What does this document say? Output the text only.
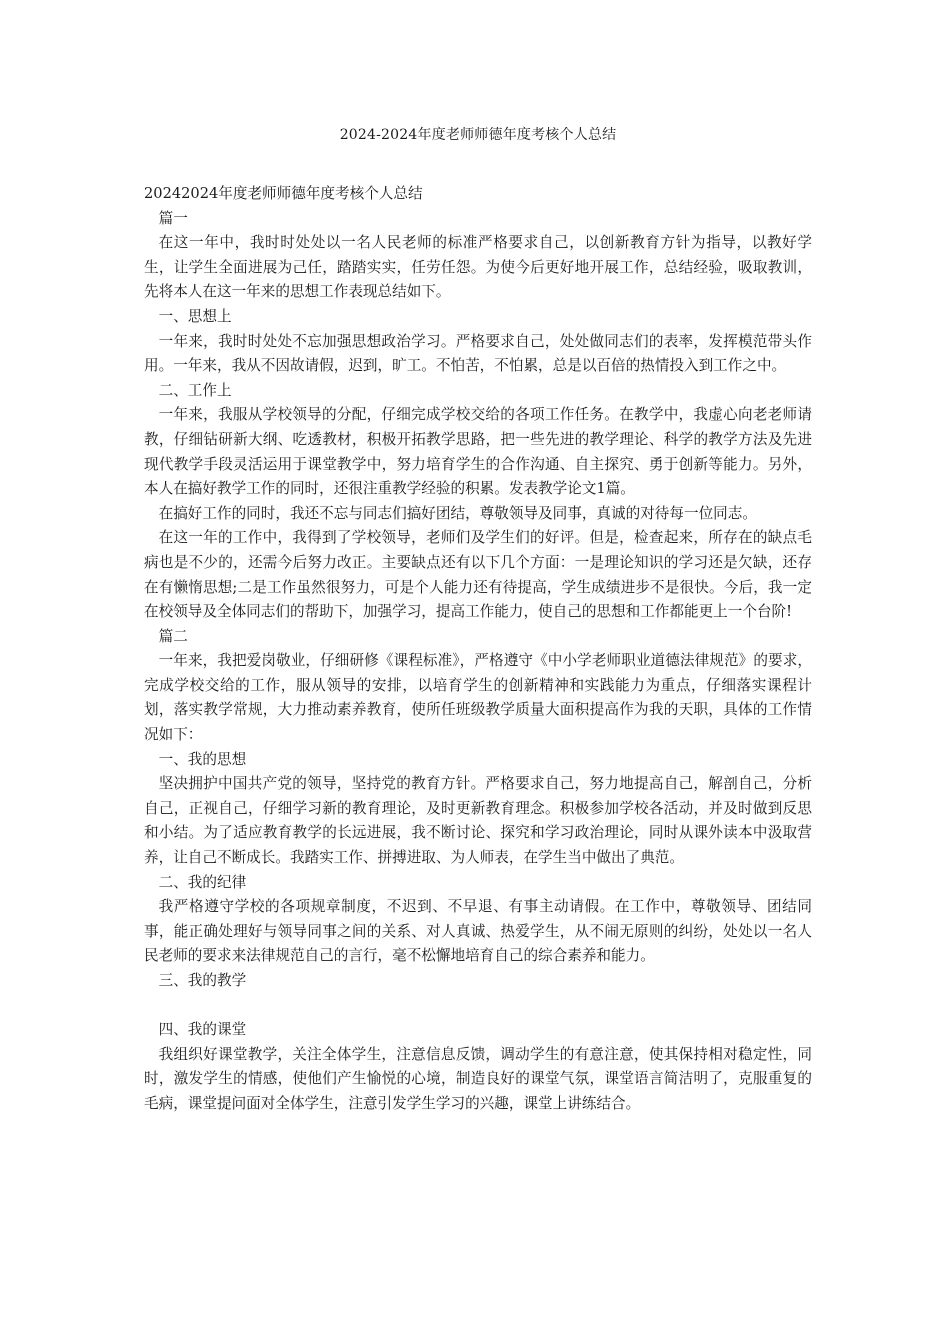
2024-2024年度老师师德年度考核个人总结

20242024年度老师师德年度考核个人总结

篇一

在这一年中，我时时处处以一名人民老师的标准严格要求自己，以创新教育方针为指导，以教好学生，让学生全面进展为己任，踏踏实实，任劳任怨。为使今后更好地开展工作，总结经验，吸取教训，先将本人在这一年来的思想工作表现总结如下。

一、思想上

一年来，我时时处处不忘加强思想政治学习。严格要求自己，处处做同志们的表率，发挥模范带头作用。一年来，我从不因故请假，迟到，旷工。不怕苦，不怕累，总是以百倍的热情投入到工作之中。

二、工作上

一年来，我服从学校领导的分配，仔细完成学校交给的各项工作任务。在教学中，我虚心向老老师请教，仔细钻研新大纲、吃透教材，积极开拓教学思路，把一些先进的教学理论、科学的教学方法及先进现代教学手段灵活运用于课堂教学中，努力培育学生的合作沟通、自主探究、勇于创新等能力。另外，本人在搞好教学工作的同时，还很注重教学经验的积累。发表教学论文1篇。

在搞好工作的同时，我还不忘与同志们搞好团结，尊敬领导及同事，真诚的对待每一位同志。

在这一年的工作中，我得到了学校领导，老师们及学生们的好评。但是，检查起来，所存在的缺点毛病也是不少的，还需今后努力改正。主要缺点还有以下几个方面：一是理论知识的学习还是欠缺，还存在有懒惰思想;二是工作虽然很努力，可是个人能力还有待提高，学生成绩进步不是很快。今后，我一定在校领导及全体同志们的帮助下，加强学习，提高工作能力，使自己的思想和工作都能更上一个台阶!

篇二

一年来，我把爱岗敬业，仔细研修《课程标准》，严格遵守《中小学老师职业道德法律规范》的要求，完成学校交给的工作，服从领导的安排，以培育学生的创新精神和实践能力为重点，仔细落实课程计划，落实教学常规，大力推动素养教育，使所任班级教学质量大面积提高作为我的天职，具体的工作情况如下：

一、我的思想

坚决拥护中国共产党的领导，坚持党的教育方针。严格要求自己，努力地提高自己，解剖自己，分析自己，正视自己，仔细学习新的教育理论，及时更新教育理念。积极参加学校各活动，并及时做到反思和小结。为了适应教育教学的长远进展，我不断讨论、探究和学习政治理论，同时从课外读本中汲取营养，让自己不断成长。我踏实工作、拼搏进取、为人师表，在学生当中做出了典范。

二、我的纪律

我严格遵守学校的各项规章制度，不迟到、不早退、有事主动请假。在工作中，尊敬领导、团结同事，能正确处理好与领导同事之间的关系、对人真诚、热爱学生，从不闹无原则的纠纷，处处以一名人民老师的要求来法律规范自己的言行，毫不松懈地培育自己的综合素养和能力。

三、我的教学

四、我的课堂

我组织好课堂教学，关注全体学生，注意信息反馈，调动学生的有意注意，使其保持相对稳定性，同时，激发学生的情感，使他们产生愉悦的心境，制造良好的课堂气氛，课堂语言简洁明了，克服重复的毛病，课堂提问面对全体学生，注意引发学生学习的兴趣，课堂上讲练结合。
